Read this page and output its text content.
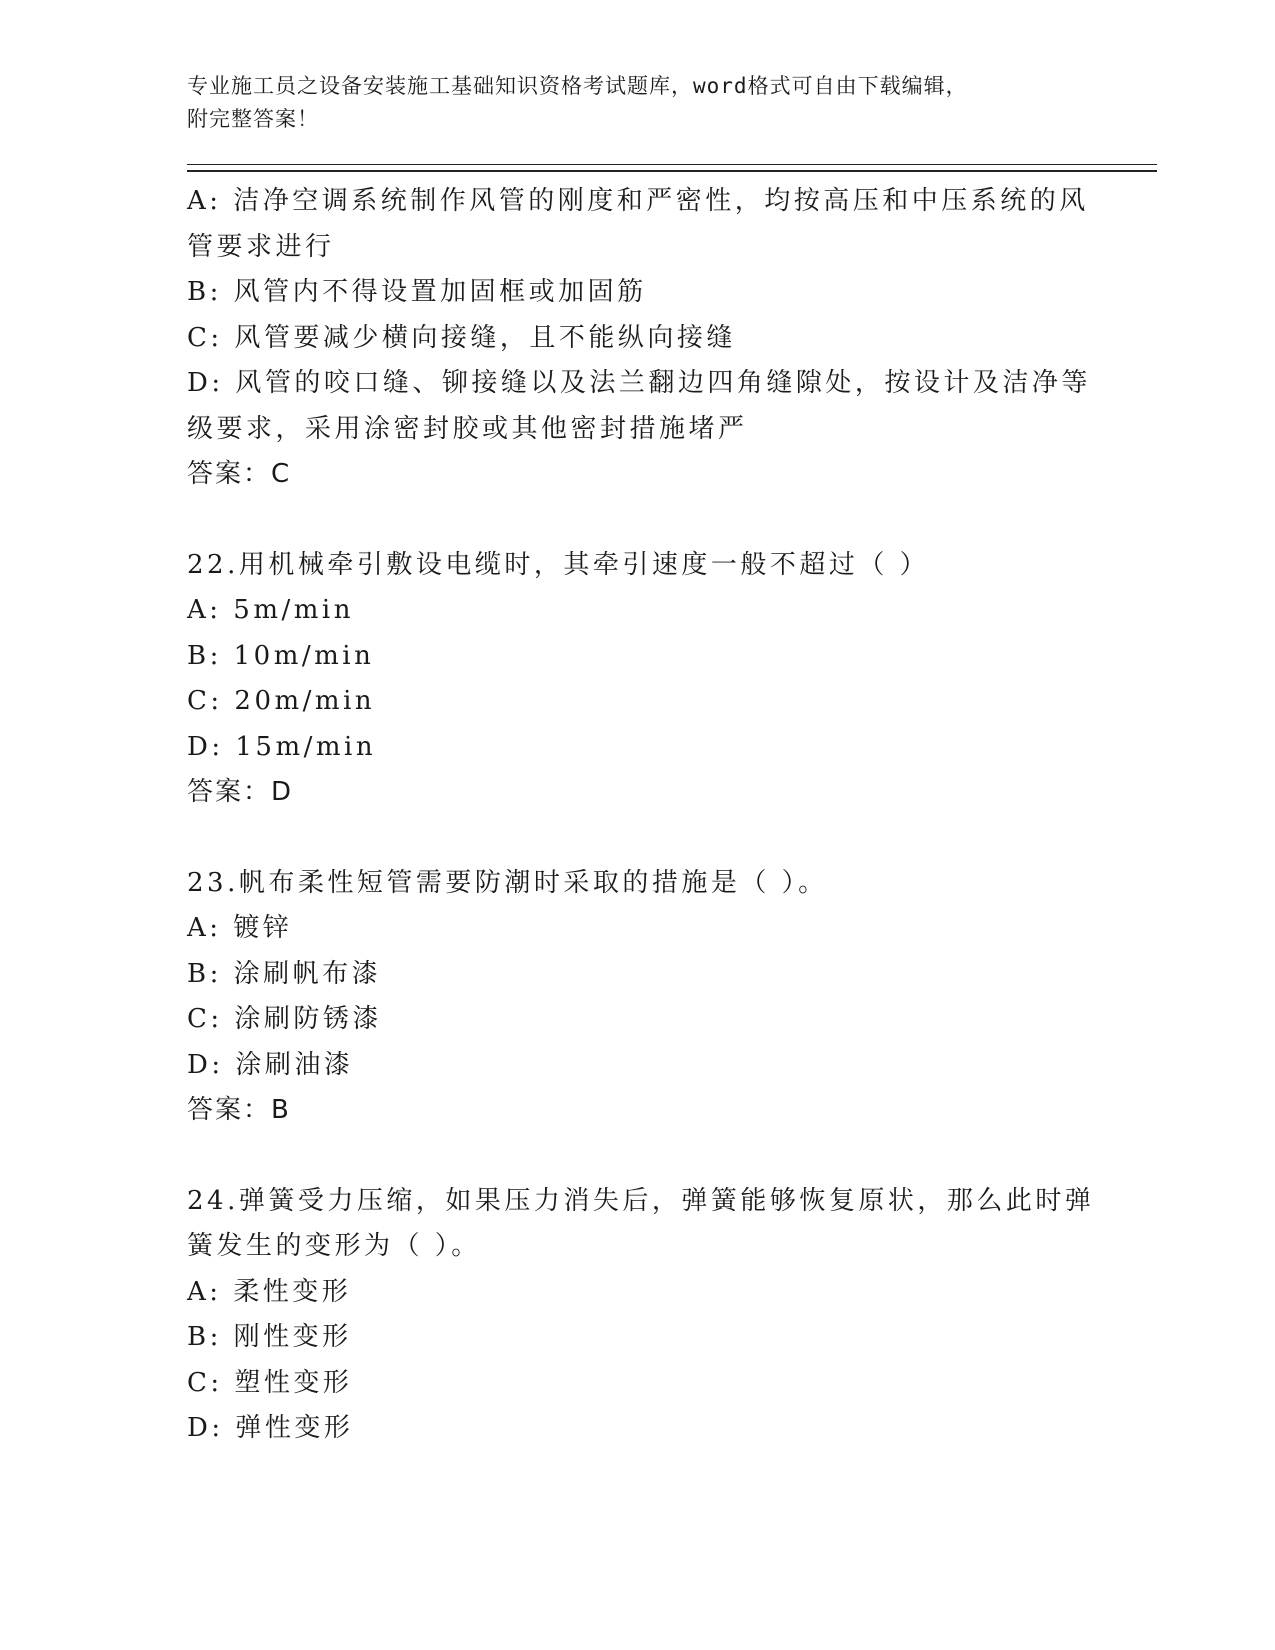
专业施工员之设备安装施工基础知识资格考试题库，word格式可自由下载编辑，
附完整答案！
A: 洁净空调系统制作风管的刚度和严密性，均按高压和中压系统的风
管要求进行
B: 风管内不得设置加固框或加固筋
C: 风管要减少横向接缝，且不能纵向接缝
D: 风管的咬口缝、铆接缝以及法兰翻边四角缝隙处，按设计及洁净等
级要求，采用涂密封胶或其他密封措施堵严
答案：C
22.用机械牵引敷设电缆时，其牵引速度一般不超过（ ）
A: 5m/min
B: 10m/min
C: 20m/min
D: 15m/min
答案：D
23.帆布柔性短管需要防潮时采取的措施是（ ）。
A: 镀锌
B: 涂刷帆布漆
C: 涂刷防锈漆
D: 涂刷油漆
答案：B
24.弹簧受力压缩，如果压力消失后，弹簧能够恢复原状，那么此时弹
簧发生的变形为（ ）。
A: 柔性变形
B: 刚性变形
C: 塑性变形
D: 弹性变形
